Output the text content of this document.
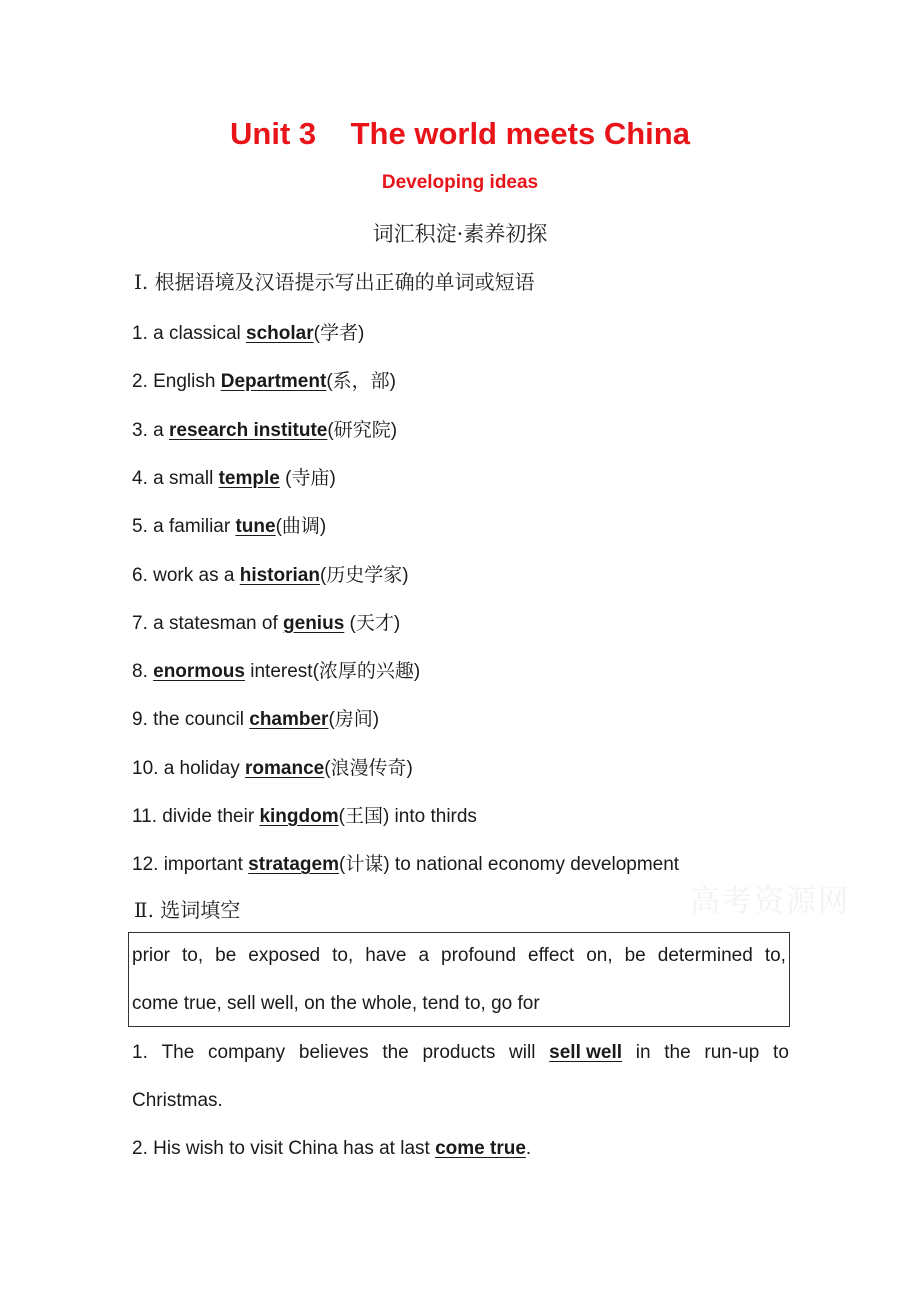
Unit 3    The world meets China
Developing ideas
词汇积淀·素养初探
Ⅰ. 根据语境及汉语提示写出正确的单词或短语
1. a classical scholar(学者)
2. English Department(系，部)
3. a research institute(研究院)
4. a small temple (寺庙)
5. a familiar tune(曲调)
6. work as a historian(历史学家)
7. a statesman of genius (天才)
8. enormous interest(浓厚的兴趣)
9. the council chamber(房间)
10. a holiday romance(浪漫传奇)
11. divide their kingdom(王国) into thirds
12. important stratagem(计谋) to national economy development
Ⅱ. 选词填空	高考资源网
prior to, be exposed to, have a profound effect on, be determined to,
come true, sell well, on the whole, tend to, go for
1. The company believes the products will sell well in the run-up to
Christmas.
2. His wish to visit China has at last come true.
